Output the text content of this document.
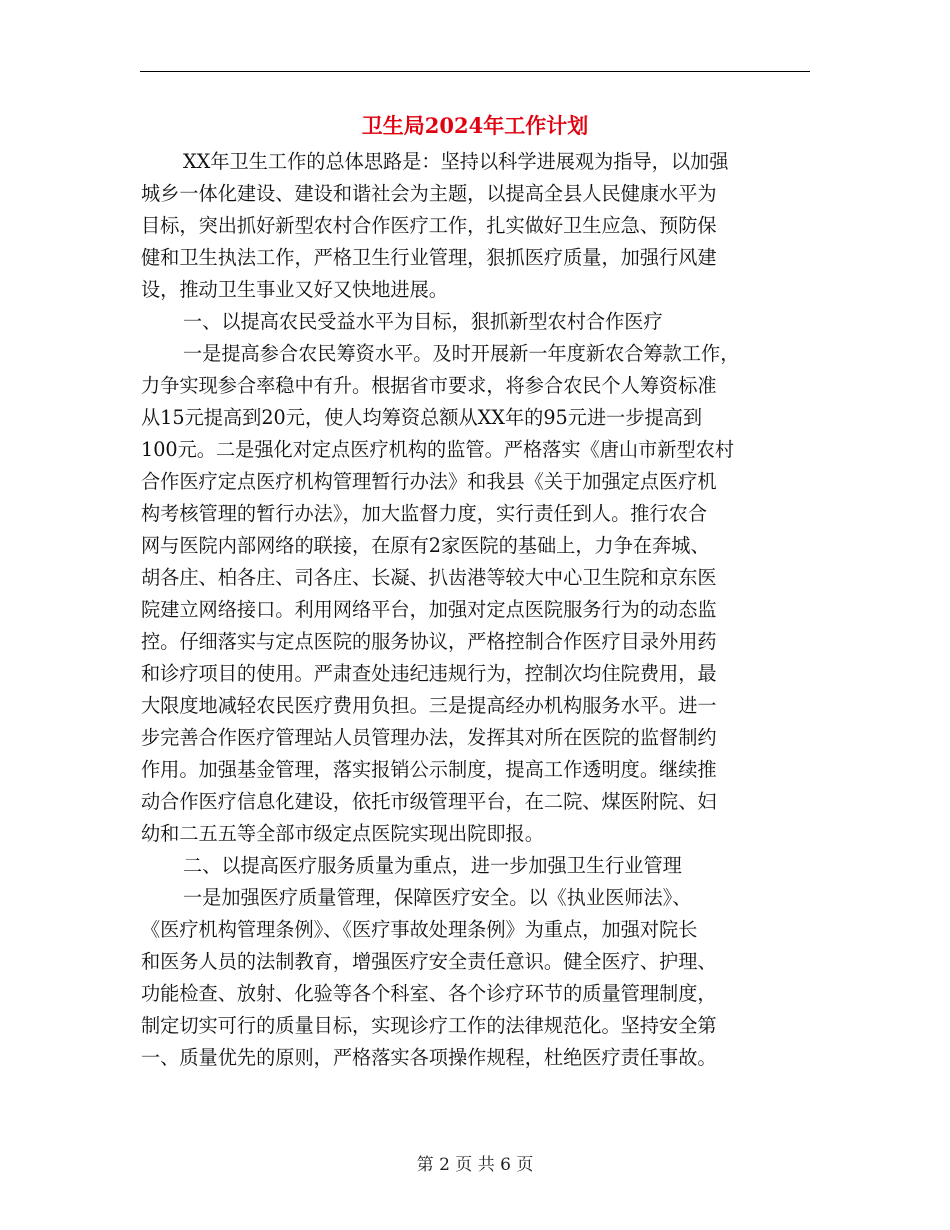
卫生局2024年工作计划
XX年卫生工作的总体思路是：坚持以科学进展观为指导，以加强
城乡一体化建设、建设和谐社会为主题，以提高全县人民健康水平为
目标，突出抓好新型农村合作医疗工作，扎实做好卫生应急、预防保
健和卫生执法工作，严格卫生行业管理，狠抓医疗质量，加强行风建
设，推动卫生事业又好又快地进展。
一、以提高农民受益水平为目标，狠抓新型农村合作医疗
一是提高参合农民筹资水平。及时开展新一年度新农合筹款工作，
力争实现参合率稳中有升。根据省市要求，将参合农民个人筹资标准
从15元提高到20元，使人均筹资总额从XX年的95元进一步提高到
100元。二是强化对定点医疗机构的监管。严格落实《唐山市新型农村
合作医疗定点医疗机构管理暂行办法》和我县《关于加强定点医疗机
构考核管理的暂行办法》，加大监督力度，实行责任到人。推行农合
网与医院内部网络的联接，在原有2家医院的基础上，力争在奔城、
胡各庄、柏各庄、司各庄、长凝、扒齿港等较大中心卫生院和京东医
院建立网络接口。利用网络平台，加强对定点医院服务行为的动态监
控。仔细落实与定点医院的服务协议，严格控制合作医疗目录外用药
和诊疗项目的使用。严肃查处违纪违规行为，控制次均住院费用，最
大限度地减轻农民医疗费用负担。三是提高经办机构服务水平。进一
步完善合作医疗管理站人员管理办法，发挥其对所在医院的监督制约
作用。加强基金管理，落实报销公示制度，提高工作透明度。继续推
动合作医疗信息化建设，依托市级管理平台，在二院、煤医附院、妇
幼和二五五等全部市级定点医院实现出院即报。
二、以提高医疗服务质量为重点，进一步加强卫生行业管理
一是加强医疗质量管理，保障医疗安全。以《执业医师法》、
《医疗机构管理条例》、《医疗事故处理条例》为重点，加强对院长
和医务人员的法制教育，增强医疗安全责任意识。健全医疗、护理、
功能检查、放射、化验等各个科室、各个诊疗环节的质量管理制度，
制定切实可行的质量目标，实现诊疗工作的法律规范化。坚持安全第
一、质量优先的原则，严格落实各项操作规程，杜绝医疗责任事故。
第 2 页 共 6 页
